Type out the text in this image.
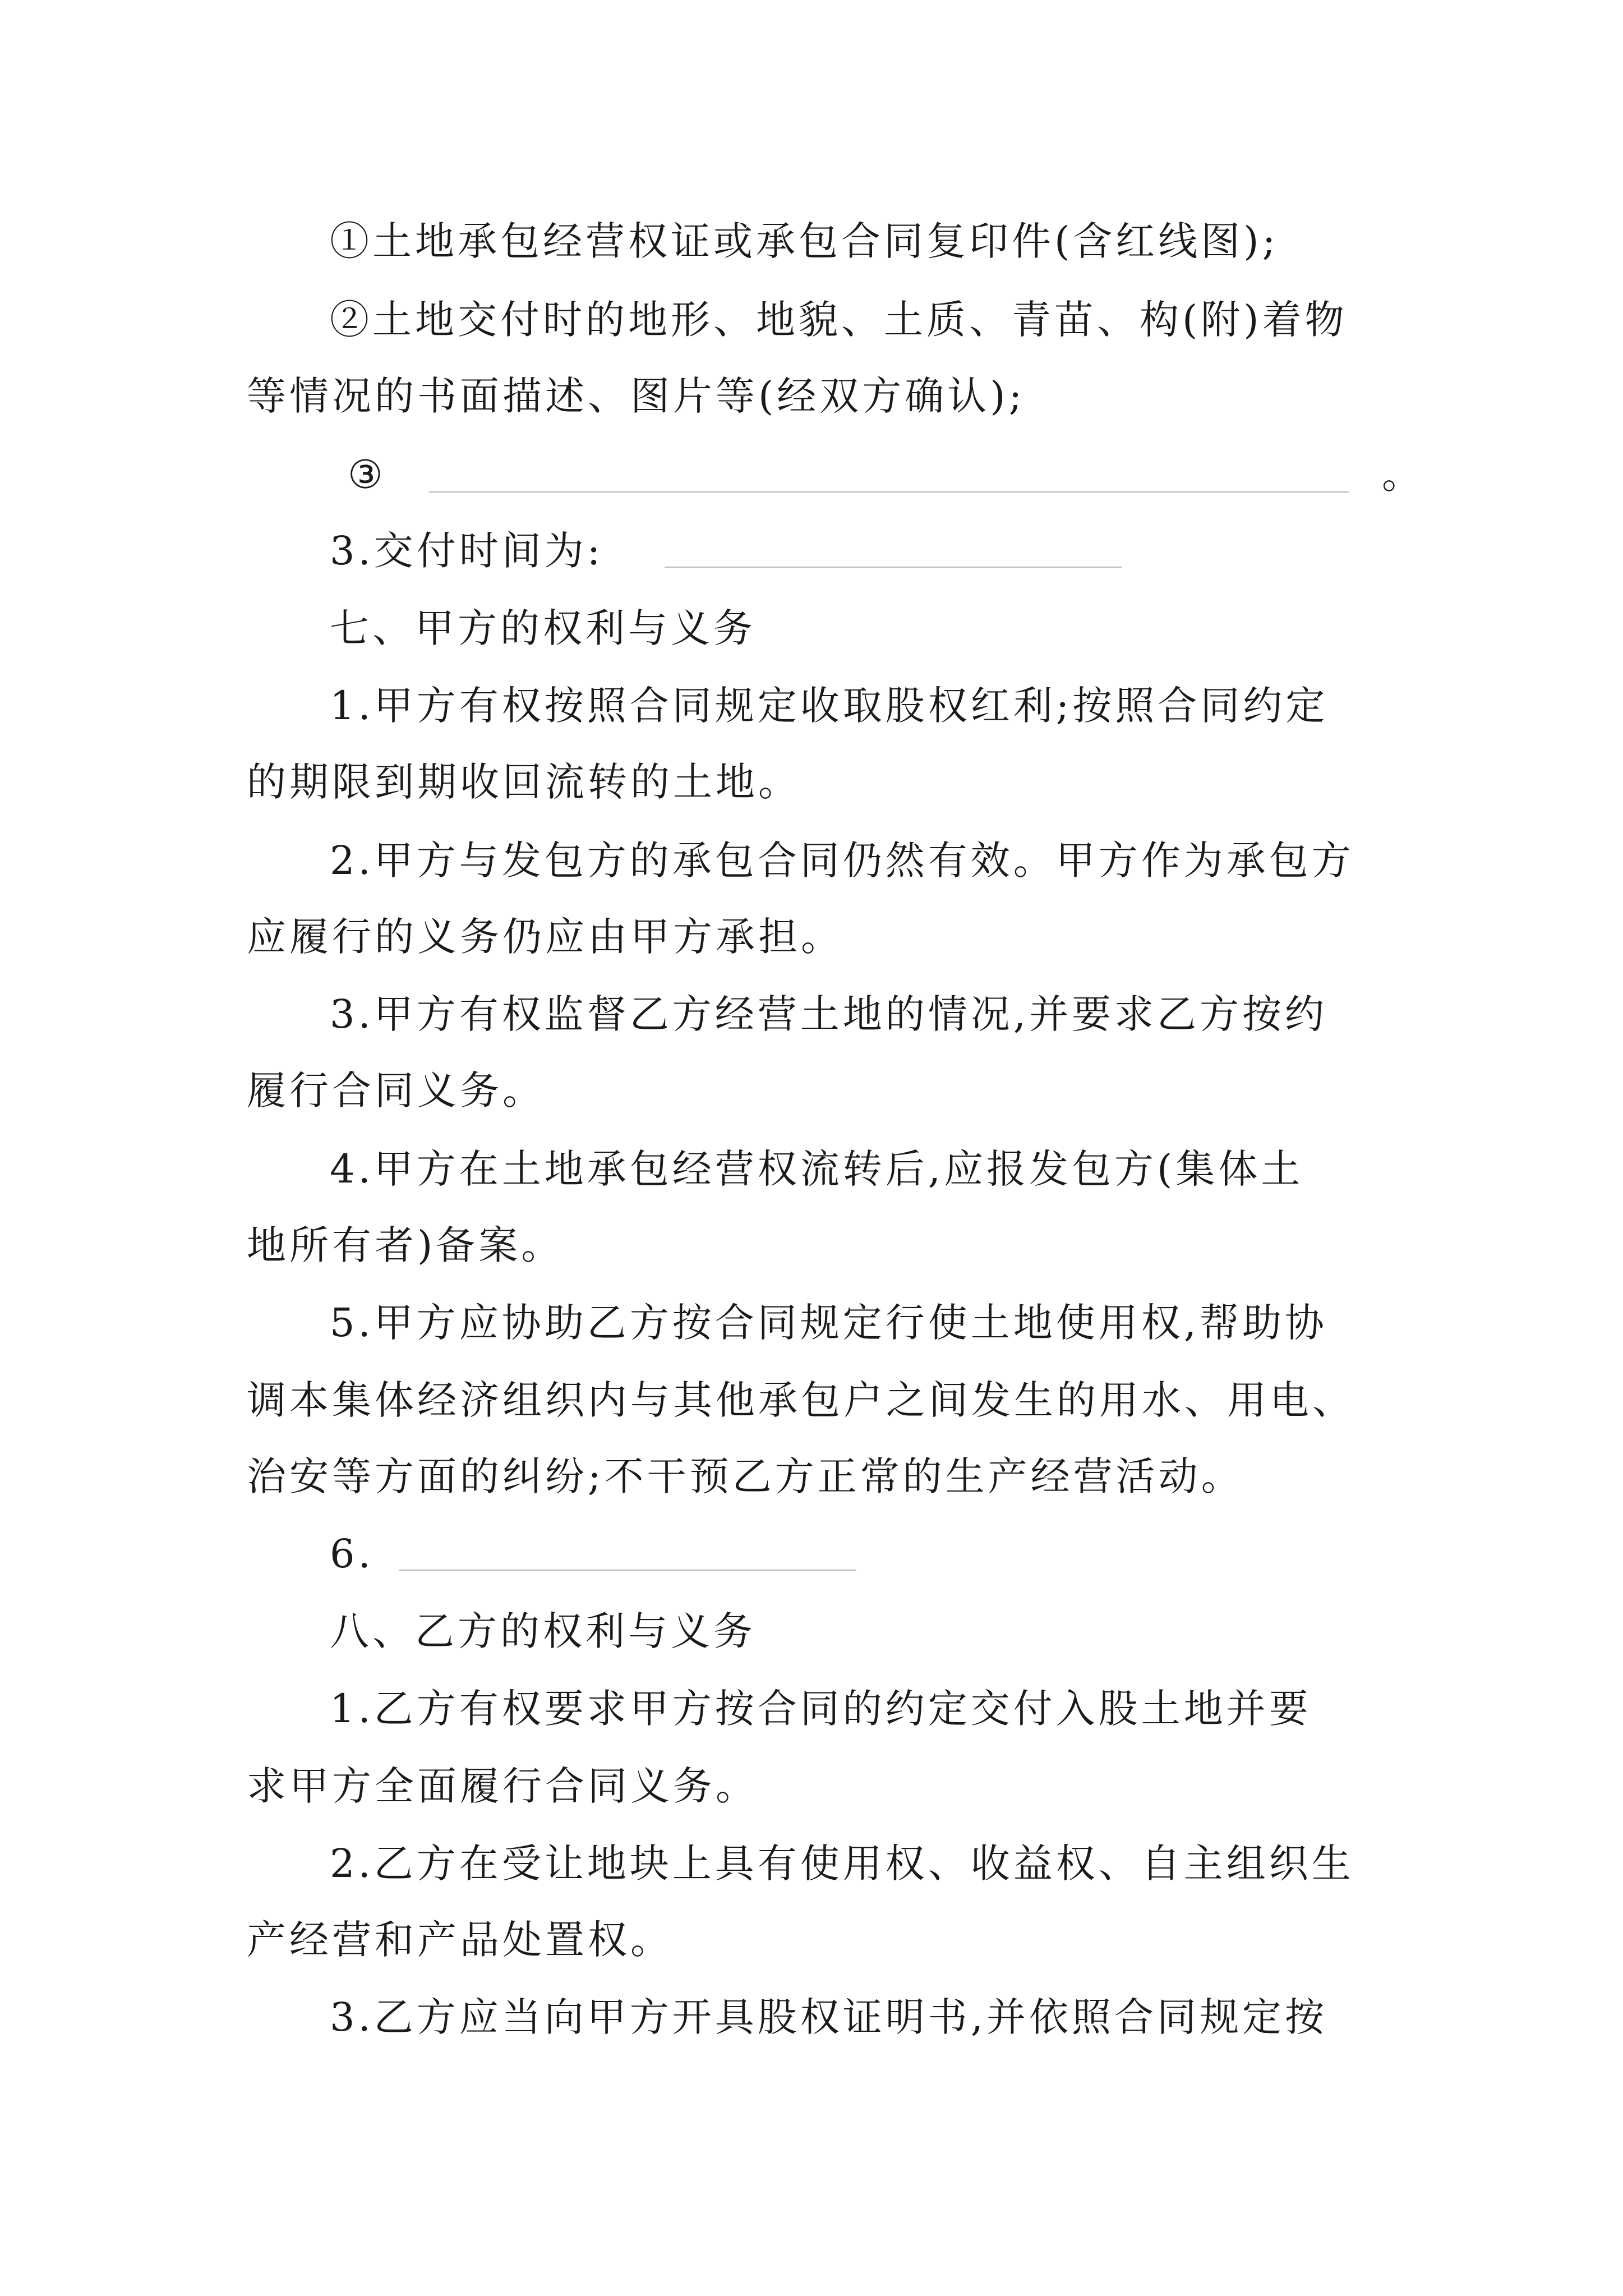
①土地承包经营权证或承包合同复印件(含红线图);
②土地交付时的地形、地貌、土质、青苗、构(附)着物
等情况的书面描述、图片等(经双方确认);
③	。
3.交付时间为:
七、甲方的权利与义务
1.甲方有权按照合同规定收取股权红利;按照合同约定
的期限到期收回流转的土地。
2.甲方与发包方的承包合同仍然有效。甲方作为承包方
应履行的义务仍应由甲方承担。
3.甲方有权监督乙方经营土地的情况,并要求乙方按约
履行合同义务。
4.甲方在土地承包经营权流转后,应报发包方(集体土
地所有者)备案。
5.甲方应协助乙方按合同规定行使土地使用权,帮助协
调本集体经济组织内与其他承包户之间发生的用水、用电、
治安等方面的纠纷;不干预乙方正常的生产经营活动。
6.
八、乙方的权利与义务
1.乙方有权要求甲方按合同的约定交付入股土地并要
求甲方全面履行合同义务。
2.乙方在受让地块上具有使用权、收益权、自主组织生
产经营和产品处置权。
3.乙方应当向甲方开具股权证明书,并依照合同规定按
